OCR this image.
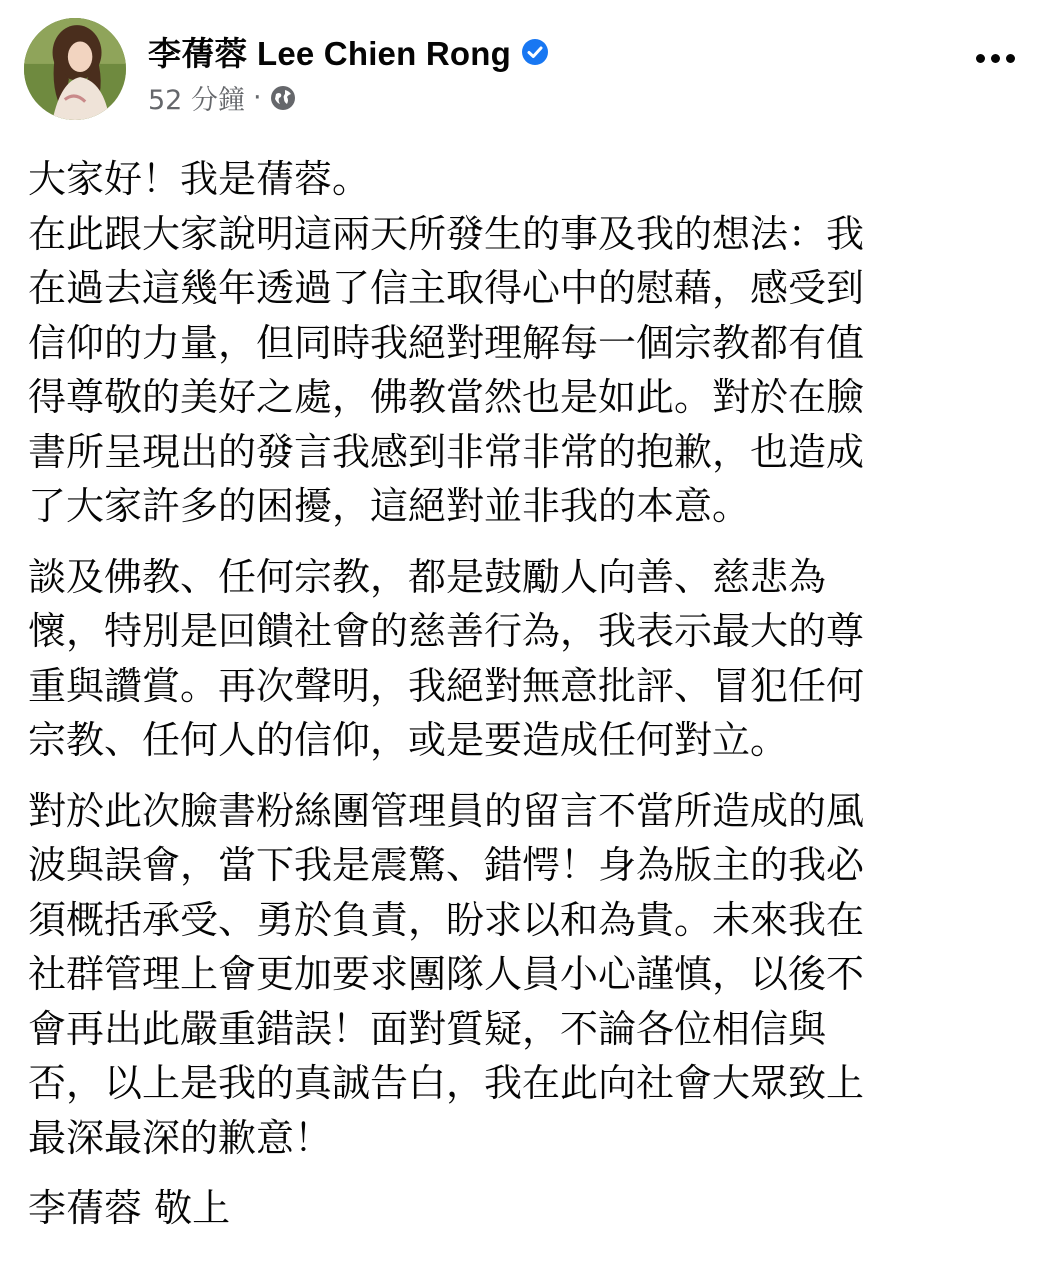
李蒨蓉 Lee Chien Rong
52 分鐘 ·

大家好！我是蒨蓉。
在此跟大家說明這兩天所發生的事及我的想法：我
在過去這幾年透過了信主取得心中的慰藉，感受到
信仰的力量，但同時我絕對理解每一個宗教都有值
得尊敬的美好之處，佛教當然也是如此。對於在臉
書所呈現出的發言我感到非常非常的抱歉，也造成
了大家許多的困擾，這絕對並非我的本意。

談及佛教、任何宗教，都是鼓勵人向善、慈悲為
懷，特別是回饋社會的慈善行為，我表示最大的尊
重與讚賞。再次聲明，我絕對無意批評、冒犯任何
宗教、任何人的信仰，或是要造成任何對立。

對於此次臉書粉絲團管理員的留言不當所造成的風
波與誤會，當下我是震驚、錯愕！身為版主的我必
須概括承受、勇於負責，盼求以和為貴。未來我在
社群管理上會更加要求團隊人員小心謹慎，以後不
會再出此嚴重錯誤！面對質疑，不論各位相信與
否，以上是我的真誠告白，我在此向社會大眾致上
最深最深的歉意！

李蒨蓉 敬上
